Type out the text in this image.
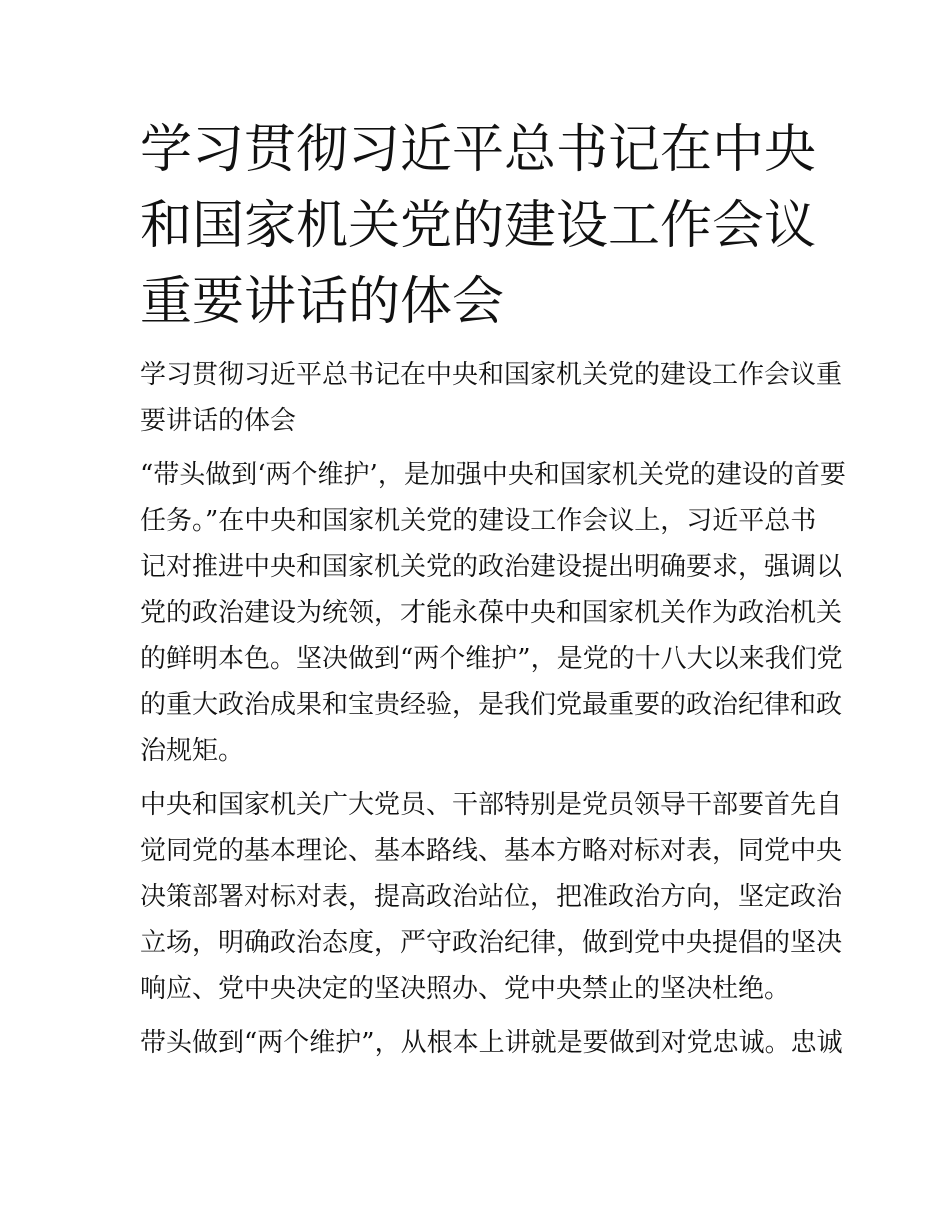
学习贯彻习近平总书记在中央
和国家机关党的建设工作会议
重要讲话的体会

学习贯彻习近平总书记在中央和国家机关党的建设工作会议重
要讲话的体会

“带头做到‘两个维护’，是加强中央和国家机关党的建设的首要
任务。”在中央和国家机关党的建设工作会议上，习近平总书
记对推进中央和国家机关党的政治建设提出明确要求，强调以
党的政治建设为统领，才能永葆中央和国家机关作为政治机关
的鲜明本色。坚决做到“两个维护”，是党的十八大以来我们党
的重大政治成果和宝贵经验，是我们党最重要的政治纪律和政
治规矩。

中央和国家机关广大党员、干部特别是党员领导干部要首先自
觉同党的基本理论、基本路线、基本方略对标对表，同党中央
决策部署对标对表，提高政治站位，把准政治方向，坚定政治
立场，明确政治态度，严守政治纪律，做到党中央提倡的坚决
响应、党中央决定的坚决照办、党中央禁止的坚决杜绝。

带头做到“两个维护”，从根本上讲就是要做到对党忠诚。忠诚
